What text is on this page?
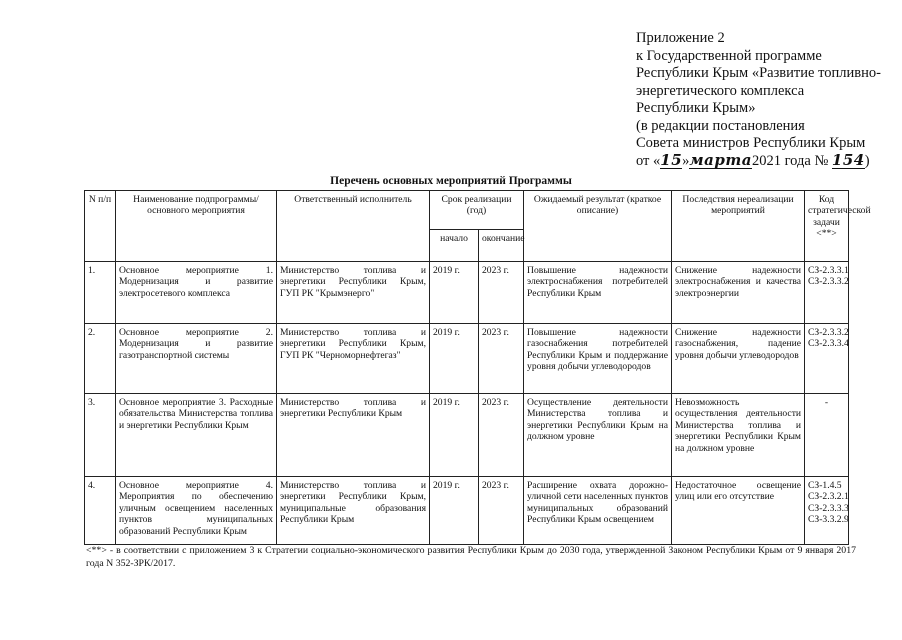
Приложение 2
к Государственной программе
Республики Крым «Развитие топливно-
энергетического комплекса
Республики Крым»
(в редакции постановления
Совета министров Республики Крым
от «15»марта2021 года № 154)
Перечень основных мероприятий Программы
N п/п	Наименование подпрограммы/основного мероприятия	Ответственный исполнитель	Срок реализации (год)		Ожидаемый результат (краткое описание)	Последствия нереализации мероприятий	Код стратегической задачи <**>
			начало	окончание			
1.	Основное мероприятие 1. Модернизация и развитие электросетевого комплекса	Министерство топлива и энергетики Республики Крым, ГУП РК "Крымэнерго"	2019 г.	2023 г.	Повышение надежности электроснабжения потребителей Республики Крым	Снижение надежности электроснабжения и качества электроэнергии	СЗ-2.3.3.1
СЗ-2.3.3.2
2.	Основное мероприятие 2. Модернизация и развитие газотранспортной системы	Министерство топлива и энергетики Республики Крым, ГУП РК "Черноморнефтегаз"	2019 г.	2023 г.	Повышение надежности газоснабжения потребителей Республики Крым и поддержание уровня добычи углеводородов	Снижение надежности газоснабжения, падение уровня добычи углеводородов	СЗ-2.3.3.2
СЗ-2.3.3.4
3.	Основное мероприятие 3. Расходные обязательства Министерства топлива и энергетики Республики Крым	Министерство топлива и энергетики Республики Крым	2019 г.	2023 г.	Осуществление деятельности Министерства топлива и энергетики Республики Крым на должном уровне	Невозможность осуществления деятельности Министерства топлива и энергетики Республики Крым на должном уровне	-
4.	Основное мероприятие 4. Мероприятия по обеспечению уличным освещением населенных пунктов муниципальных образований Республики Крым	Министерство топлива и энергетики Республики Крым, муниципальные образования Республики Крым	2019 г.	2023 г.	Расширение охвата дорожно-уличной сети населенных пунктов муниципальных образований Республики Крым освещением	Недостаточное освещение улиц или его отсутствие	СЗ-1.4.5
СЗ-2.3.2.1
СЗ-2.3.3.3
СЗ-3.3.2.9
<**> - в соответствии с приложением 3 к Стратегии социально-экономического развития Республики Крым до 2030 года, утвержденной Законом Республики Крым от 9 января 2017 года N 352-ЗРК/2017.
